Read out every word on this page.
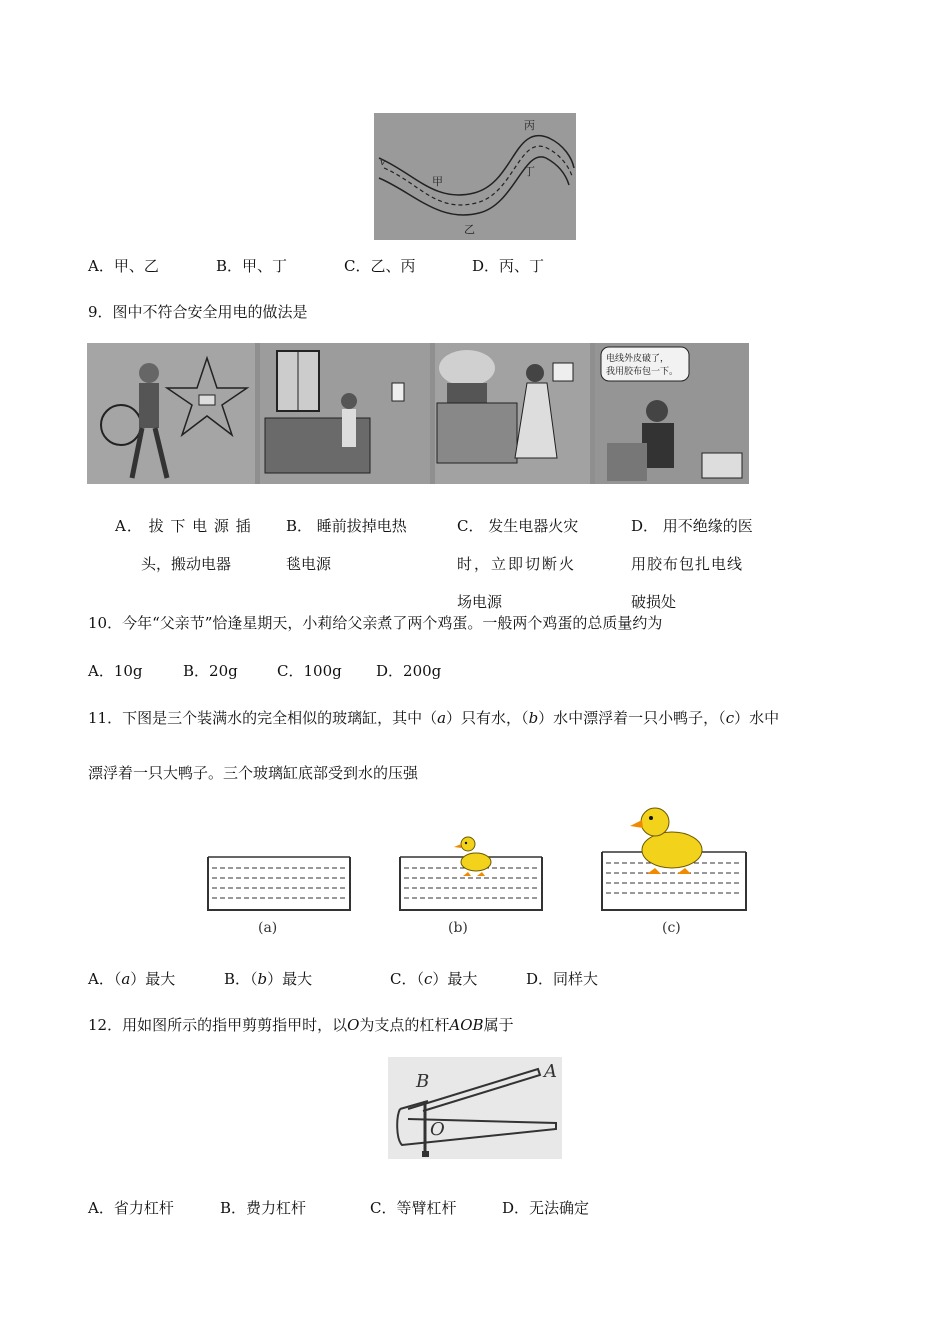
v
甲
乙
丙
丁
A．甲、乙	B．甲、丁	C．乙、丙	D．丙、丁
9．图中不符合安全用电的做法是
电线外皮破了，
我用胶布包一下。
A． 拔 下 电 源 插
头，搬动电器
B． 睡前拔掉电热
毯电源
C． 发生电器火灾
时，立即切断火
场电源
D． 用不绝缘的医
用胶布包扎电线
破损处
10．今年“父亲节”恰逢星期天，小莉给父亲煮了两个鸡蛋。一般两个鸡蛋的总质量约为
A．10g	B．20g	C．100g D．200g
11．下图是三个装满水的完全相似的玻璃缸，其中（a）只有水，（b）水中漂浮着一只小鸭子，（c）水中
漂浮着一只大鸭子。三个玻璃缸底部受到水的压强
(a)	(b)	(c)
A．（a）最大	B．（b）最大	C．（c）最大	D．同样大
12．用如图所示的指甲剪剪指甲时，以O为支点的杠杆AOB属于
B	A
O
A．省力杠杆	B．费力杠杆	C．等臂杠杆	D．无法确定
